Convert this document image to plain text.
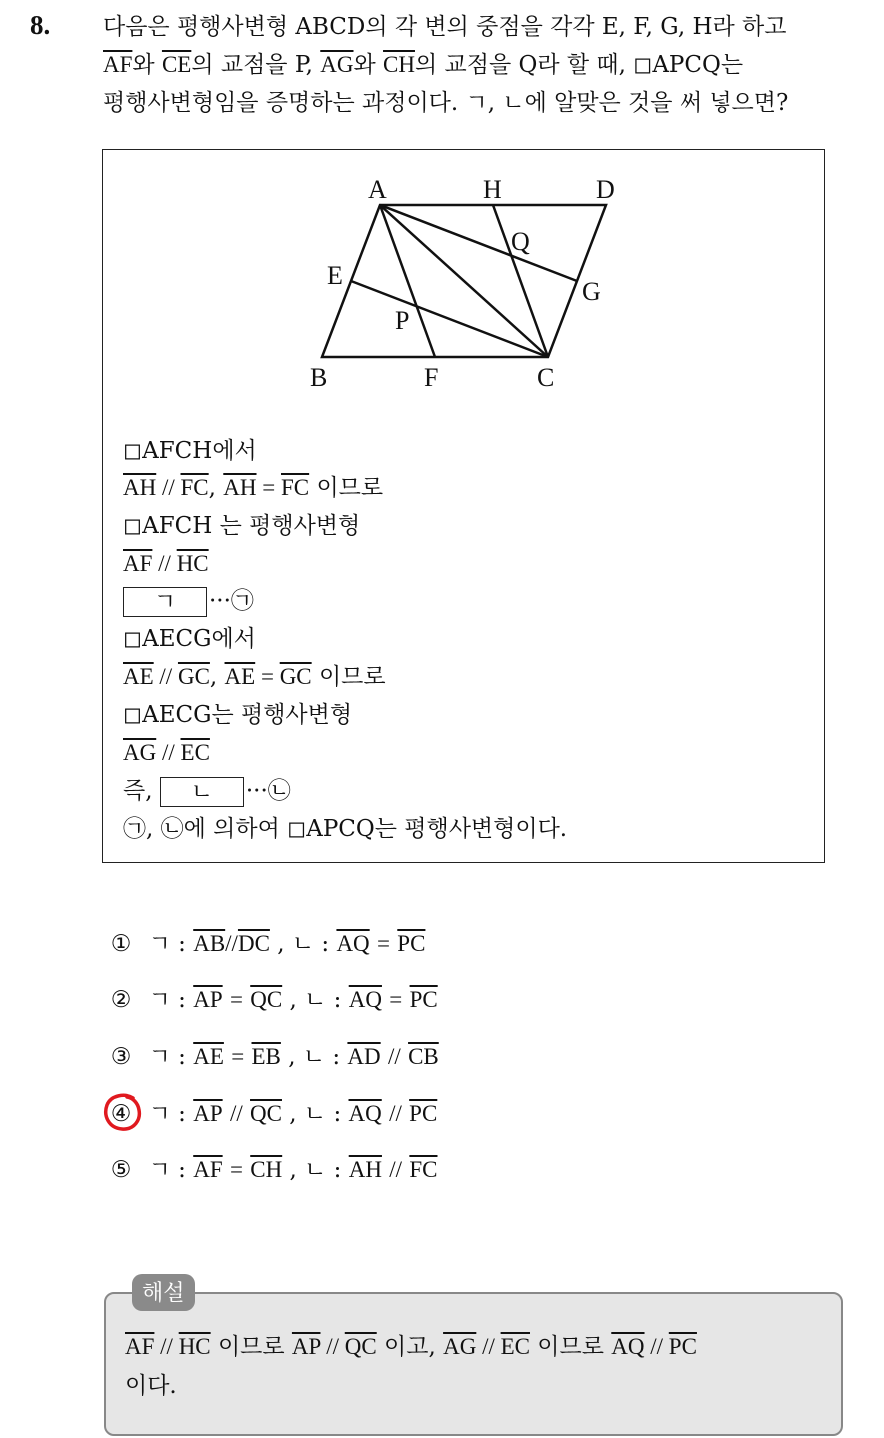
8. 다음은 평행사변형 ABCD의 각 변의 중점을 각각 E, F, G, H라 하고
$\overline{AF}$와 $\overline{CE}$의 교점을 P, $\overline{AG}$와 $\overline{CH}$의 교점을 Q라 할 때, ◻APCQ는
평행사변형임을 증명하는 과정이다. ㄱ, ㄴ에 알맞은 것을 써 넣으면?
A	H	D
Q
E
G
P
B	F	C
◻AFCH에서
$\overline{AH} // \overline{FC}$, $\overline{AH} = \overline{FC}$ 이므로
◻AFCH 는 평행사변형
$\overline{AF} // \overline{HC}$
ㄱ ···㉠
◻AECG에서
$\overline{AE} // \overline{GC}$, $\overline{AE} = \overline{GC}$ 이므로
◻AECG는 평행사변형
$\overline{AG} // \overline{EC}$
즉, ㄴ ···㉡
㉠, ㉡에 의하여 ◻APCQ는 평행사변형이다.
① ㄱ : $\overline{AB}//\overline{DC}$ , ㄴ : $\overline{AQ} = \overline{PC}$
② ㄱ : $\overline{AP} = \overline{QC}$ , ㄴ : $\overline{AQ} = \overline{PC}$
③ ㄱ : $\overline{AE} = \overline{EB}$ , ㄴ : $\overline{AD} // \overline{CB}$
④ ㄱ : $\overline{AP} // \overline{QC}$ , ㄴ : $\overline{AQ} // \overline{PC}$
⑤ ㄱ : $\overline{AF} = \overline{CH}$ , ㄴ : $\overline{AH} // \overline{FC}$
해설
$\overline{AF} // \overline{HC}$ 이므로 $\overline{AP} // \overline{QC}$ 이고, $\overline{AG} // \overline{EC}$ 이므로 $\overline{AQ} // \overline{PC}$
이다.
